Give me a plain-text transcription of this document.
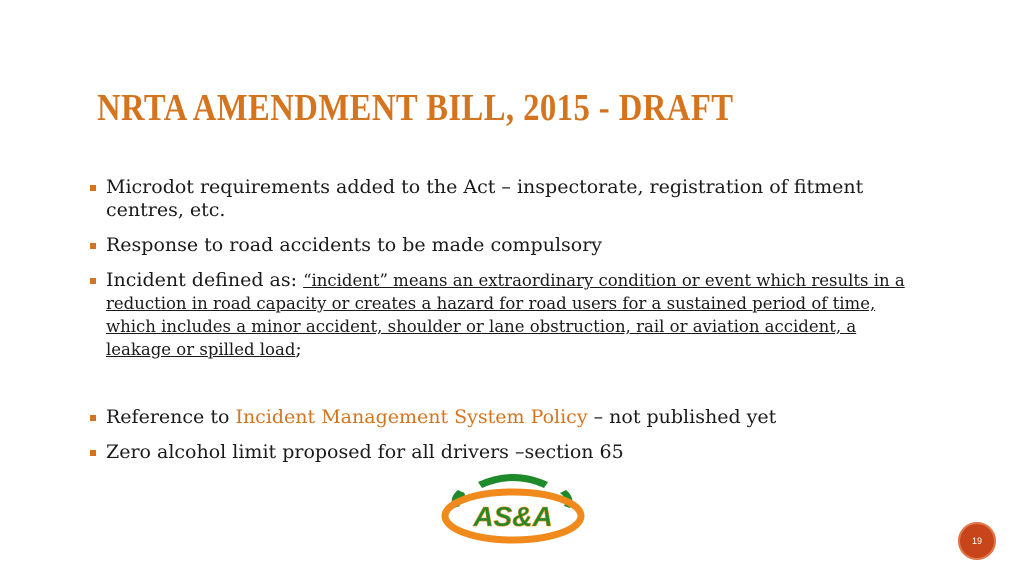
NRTA AMENDMENT BILL, 2015 - DRAFT
Microdot requirements added to the Act – inspectorate, registration of fitment centres, etc.
Response to road accidents to be made compulsory
Incident defined as: “incident” means an extraordinary condition or event which results in a reduction in road capacity or creates a hazard for road users for a sustained period of time, which includes a minor accident, shoulder or lane obstruction, rail or aviation accident, a leakage or spilled load;
Reference to Incident Management System Policy – not published yet
Zero alcohol limit proposed for all drivers –section 65
AS&A
19
